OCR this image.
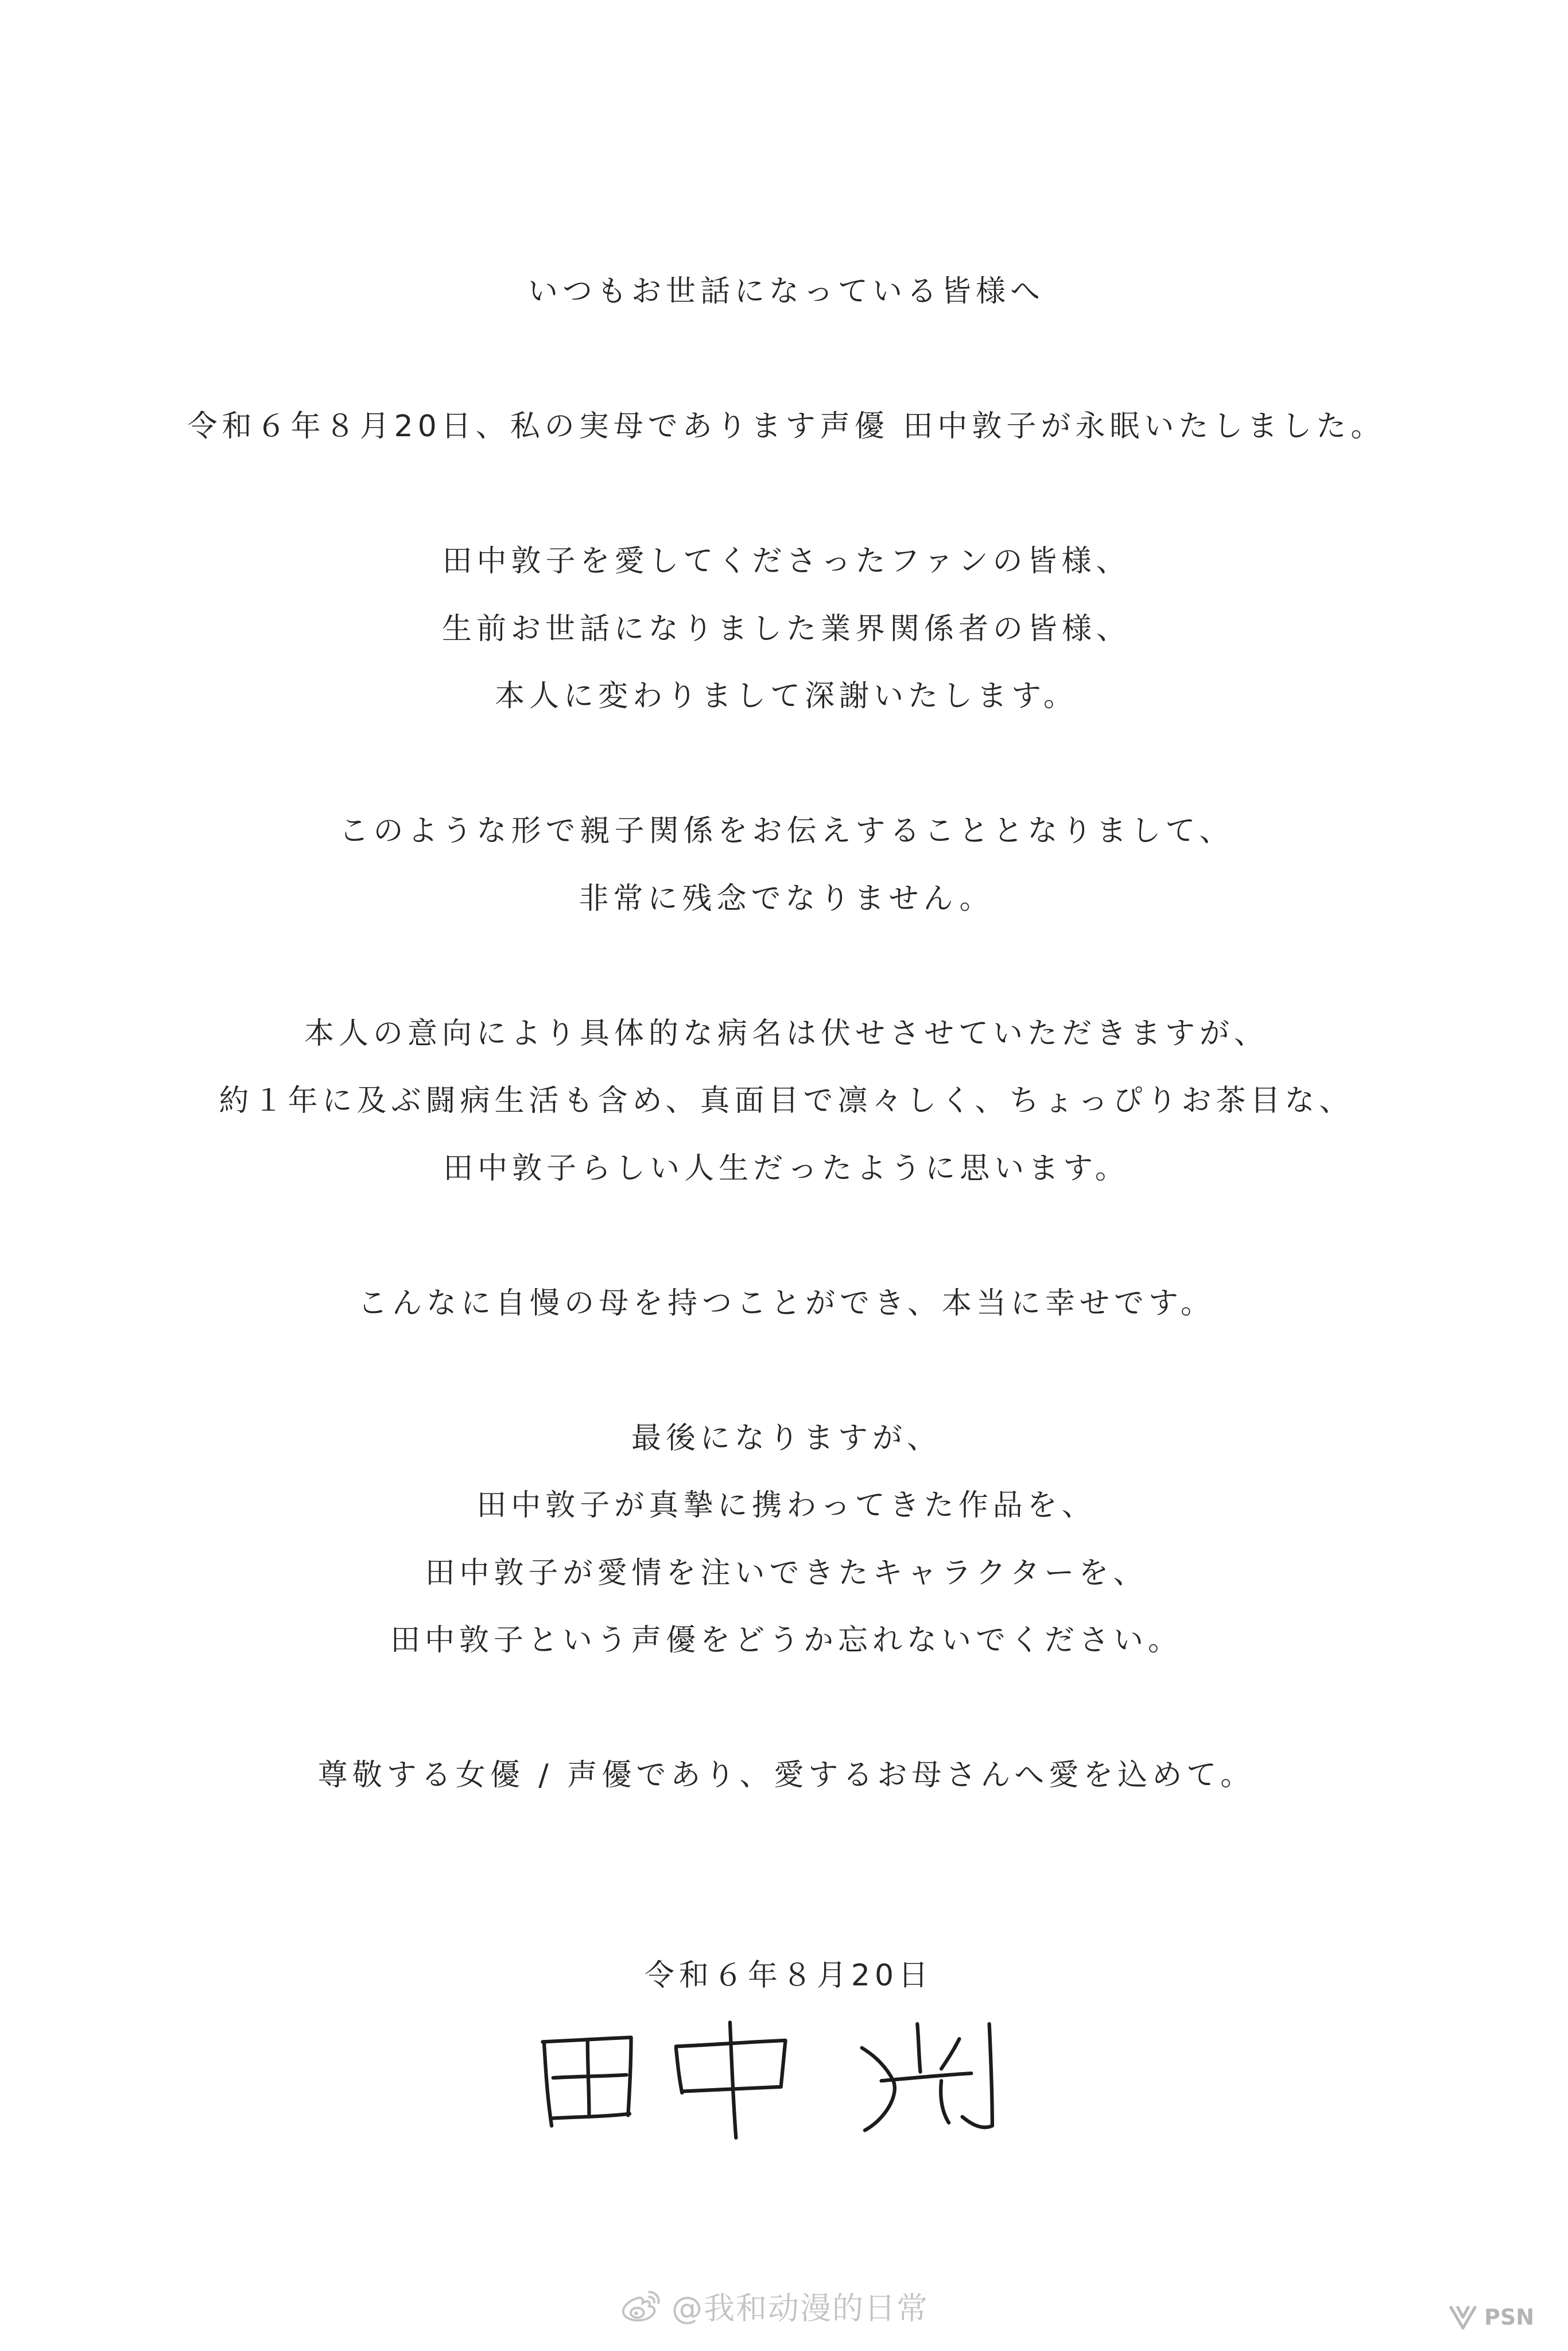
いつもお世話になっている皆様へ
令和６年８月20日、私の実母であります声優 田中敦子が永眠いたしました。
田中敦子を愛してくださったファンの皆様、
生前お世話になりました業界関係者の皆様、
本人に変わりまして深謝いたします。
このような形で親子関係をお伝えすることとなりまして、
非常に残念でなりません。
本人の意向により具体的な病名は伏せさせていただきますが、
約１年に及ぶ闘病生活も含め、真面目で凛々しく、ちょっぴりお茶目な、
田中敦子らしい人生だったように思います。
こんなに自慢の母を持つことができ、本当に幸せです。
最後になりますが、
田中敦子が真摯に携わってきた作品を、
田中敦子が愛情を注いできたキャラクターを、
田中敦子という声優をどうか忘れないでください。
尊敬する女優 / 声優であり、愛するお母さんへ愛を込めて。
令和６年８月20日
@我和动漫的日常	PSN
